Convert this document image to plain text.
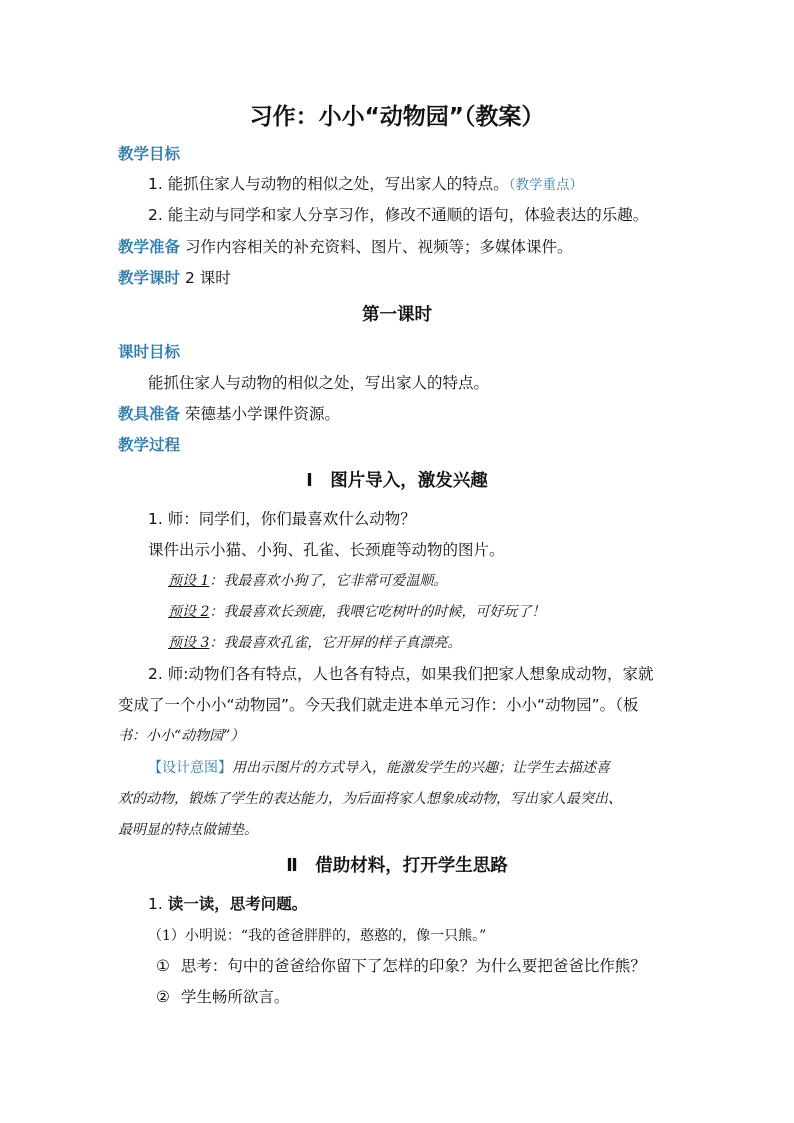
习作：小小“动物园”（教案）
教学目标
1. 能抓住家人与动物的相似之处，写出家人的特点。（教学重点）
2. 能主动与同学和家人分享习作，修改不通顺的语句，体验表达的乐趣。
教学准备 习作内容相关的补充资料、图片、视频等；多媒体课件。
教学课时 2 课时
第一课时
课时目标
能抓住家人与动物的相似之处，写出家人的特点。
教具准备 荣德基小学课件资源。
教学过程
Ⅰ　图片导入，激发兴趣
1. 师：同学们，你们最喜欢什么动物？
课件出示小猫、小狗、孔雀、长颈鹿等动物的图片。
预设 1：我最喜欢小狗了，它非常可爱温顺。
预设 2：我最喜欢长颈鹿，我喂它吃树叶的时候，可好玩了！
预设 3：我最喜欢孔雀，它开屏的样子真漂亮。
2. 师:动物们各有特点，人也各有特点，如果我们把家人想象成动物，家就
变成了一个小小“动物园”。今天我们就走进本单元习作：小小“动物园”。（板
书：小小“动物园”）
【设计意图】用出示图片的方式导入，能激发学生的兴趣；让学生去描述喜
欢的动物，锻炼了学生的表达能力，为后面将家人想象成动物，写出家人最突出、
最明显的特点做铺垫。
Ⅱ　借助材料，打开学生思路
1. 读一读，思考问题。
（1）小明说：“我的爸爸胖胖的，憨憨的，像一只熊。”
① 思考：句中的爸爸给你留下了怎样的印象？为什么要把爸爸比作熊？
② 学生畅所欲言。
